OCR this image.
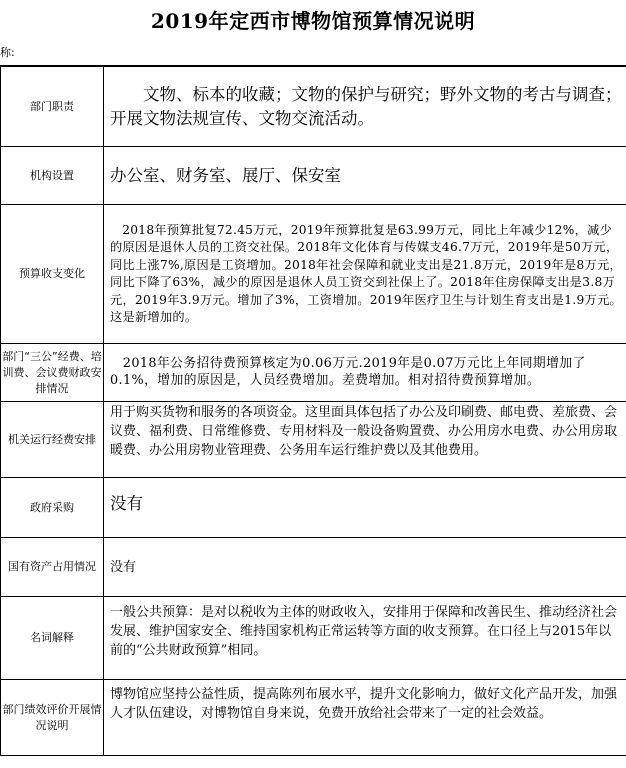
2019年定西市博物馆预算情况说明
称:
部门职责	文物、标本的收藏；文物的保护与研究；野外文物的考古与调查；开展文物法规宣传、文物交流活动。
机构设置	办公室、财务室、展厅、保安室
预算收支变化	2018年预算批复72.45万元，2019年预算批复是63.99万元，同比上年减少12%，减少的原因是退休人员的工资交社保。2018年文化体育与传媒支46.7万元，2019年是50万元，同比上涨7%,原因是工资增加。2018年社会保障和就业支出是21.8万元，2019年是8万元，同比下降了63%，减少的原因是退休人员工资交到社保上了。2018年住房保障支出是3.8万元，2019年3.9万元。增加了3%，工资增加。2019年医疗卫生与计划生育支出是1.9万元。这是新增加的。
部门“三公”经费、培训费、会议费财政安排情况	2018年公务招待费预算核定为0.06万元.2019年是0.07万元比上年同期增加了0.1%，增加的原因是，人员经费增加。差费增加。相对招待费预算增加。
机关运行经费安排	用于购买货物和服务的各项资金。这里面具体包括了办公及印刷费、邮电费、差旅费、会议费、福利费、日常维修费、专用材料及一般设备购置费、办公用房水电费、办公用房取暖费、办公用房物业管理费、公务用车运行维护费以及其他费用。
政府采购	没有
国有资产占用情况	没有
名词解释	一般公共预算：是对以税收为主体的财政收入，安排用于保障和改善民生、推动经济社会发展、维护国家安全、维持国家机构正常运转等方面的收支预算。在口径上与2015年以前的“公共财政预算”相同。
部门绩效评价开展情况说明	博物馆应坚持公益性质，提高陈列布展水平，提升文化影响力，做好文化产品开发，加强人才队伍建设，对博物馆自身来说，免费开放给社会带来了一定的社会效益。
